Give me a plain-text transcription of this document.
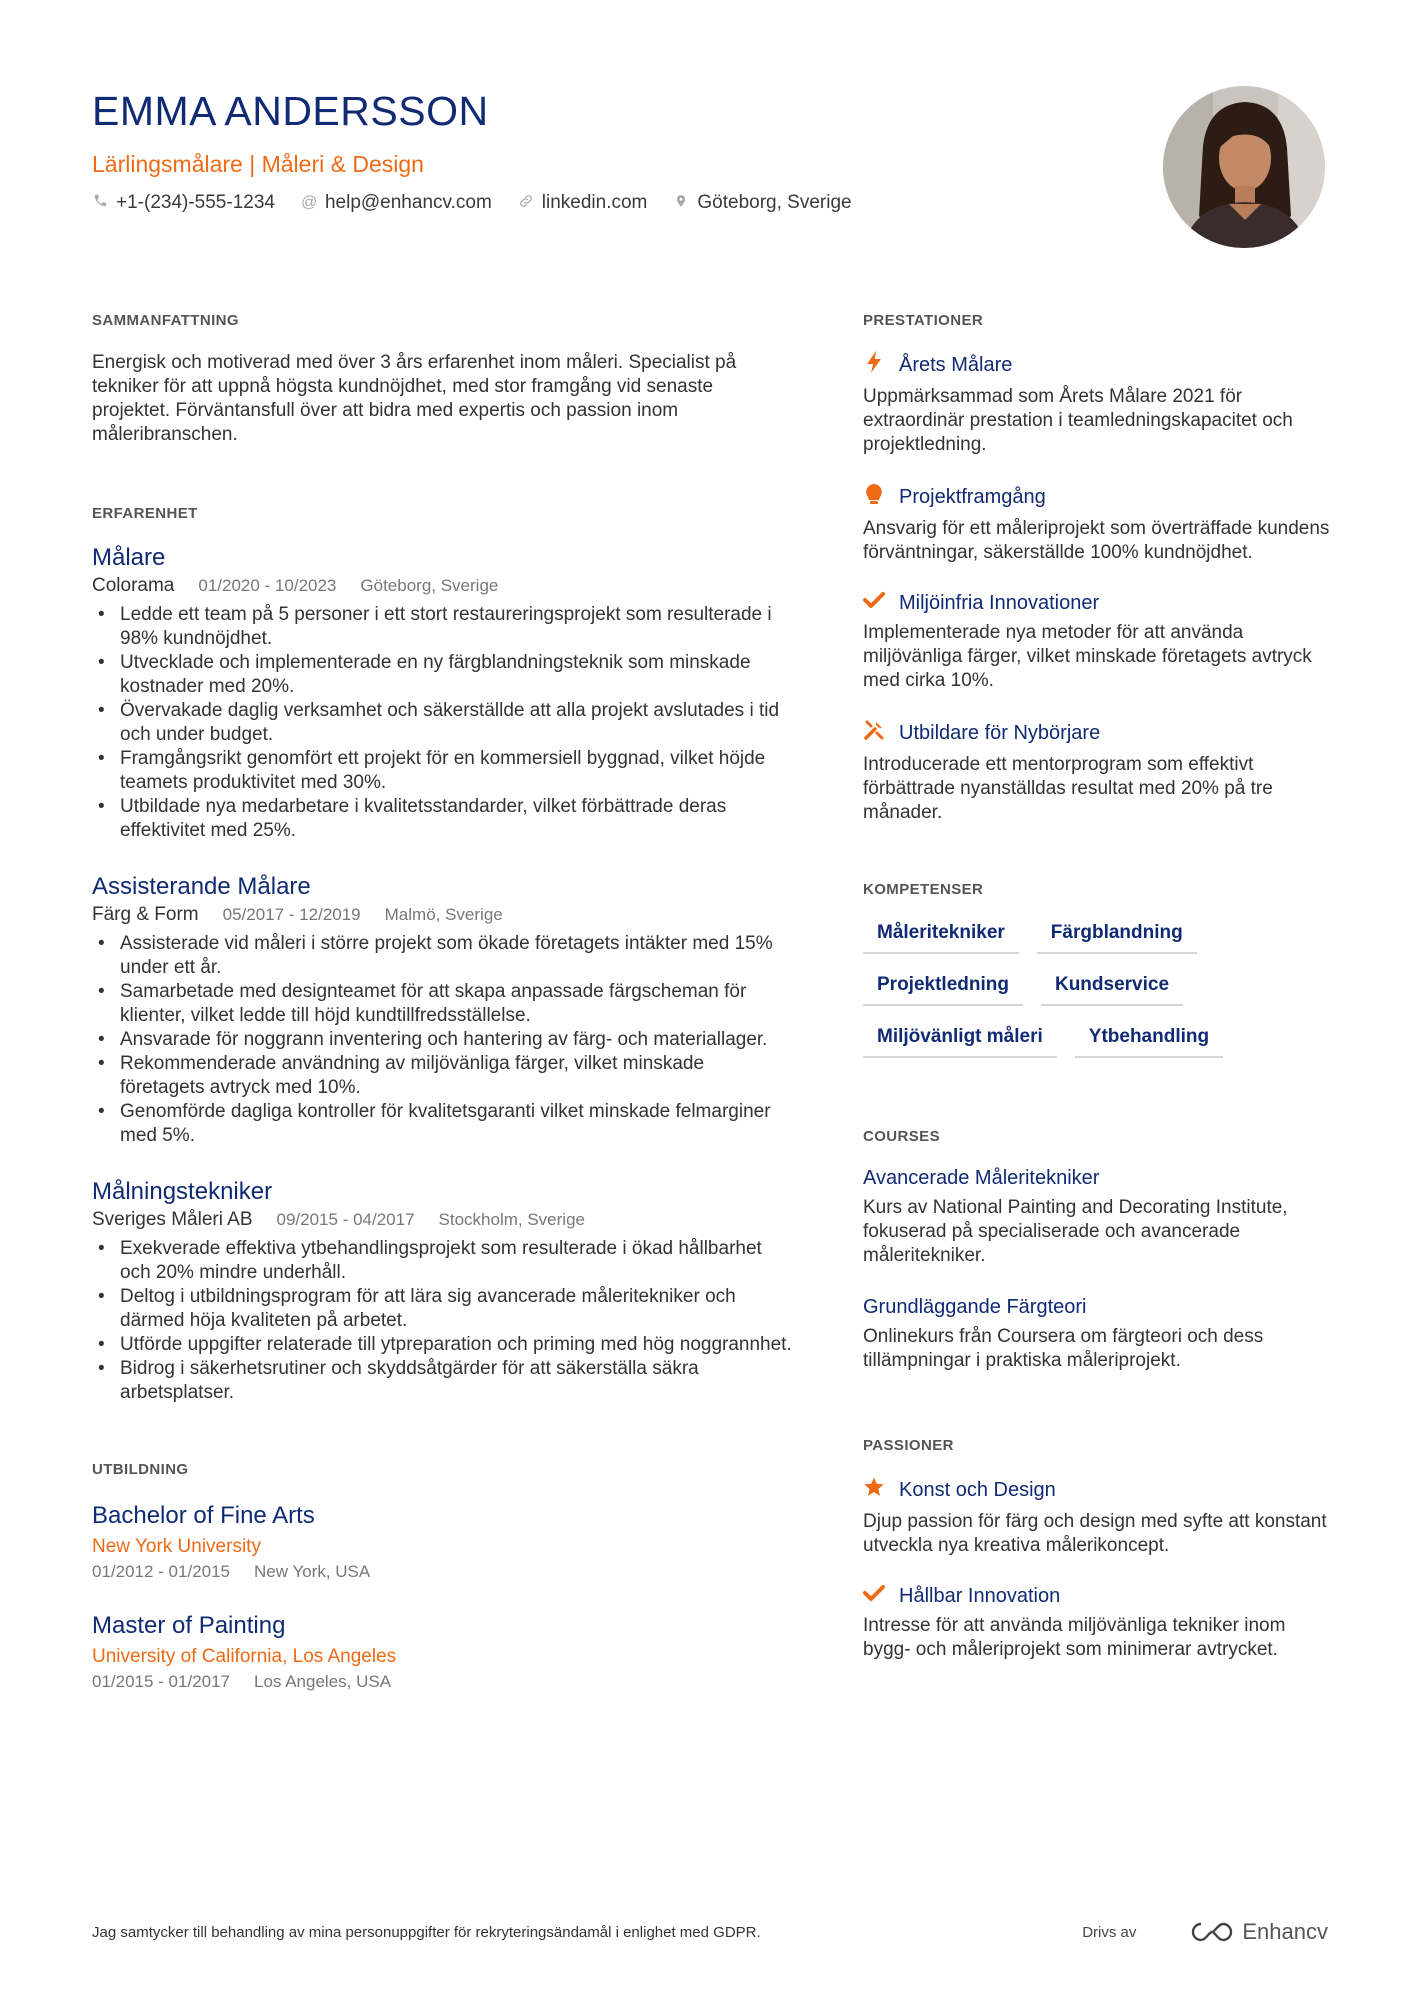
EMMA ANDERSSON
Lärlingsmålare | Måleri & Design
+1-(234)-555-1234 @ help@enhancv.com	linkedin.com	Göteborg, Sverige
SAMMANFATTNING

Energisk och motiverad med över 3 års erfarenhet inom måleri. Specialist på tekniker för att uppnå högsta kundnöjdhet, med stor framgång vid senaste projektet. Förväntansfull över att bidra med expertis och passion inom måleribranschen.

ERFARENHET
Målare
Colorama 01/2020 - 10/2023 Göteborg, Sverige
• Ledde ett team på 5 personer i ett stort restaureringsprojekt som resulterade i 98% kundnöjdhet.
• Utvecklade och implementerade en ny färgblandningsteknik som minskade kostnader med 20%.
• Övervakade daglig verksamhet och säkerställde att alla projekt avslutades i tid och under budget.
• Framgångsrikt genomfört ett projekt för en kommersiell byggnad, vilket höjde teamets produktivitet med 30%.
• Utbildade nya medarbetare i kvalitetsstandarder, vilket förbättrade deras effektivitet med 25%.
Assisterande Målare
Färg & Form 05/2017 - 12/2019 Malmö, Sverige
• Assisterade vid måleri i större projekt som ökade företagets intäkter med 15% under ett år.
• Samarbetade med designteamet för att skapa anpassade färgscheman för klienter, vilket ledde till höjd kundtillfredsställelse.
• Ansvarade för noggrann inventering och hantering av färg- och materiallager.
• Rekommenderade användning av miljövänliga färger, vilket minskade företagets avtryck med 10%.
• Genomförde dagliga kontroller för kvalitetsgaranti vilket minskade felmarginer med 5%.
Målningstekniker
Sveriges Måleri AB 09/2015 - 04/2017 Stockholm, Sverige
• Exekverade effektiva ytbehandlingsprojekt som resulterade i ökad hållbarhet och 20% mindre underhåll.
• Deltog i utbildningsprogram för att lära sig avancerade måleritekniker och därmed höja kvaliteten på arbetet.
• Utförde uppgifter relaterade till ytpreparation och priming med hög noggrannhet.
• Bidrog i säkerhetsrutiner och skyddsåtgärder för att säkerställa säkra arbetsplatser.
UTBILDNING
Bachelor of Fine Arts
New York University
01/2012 - 01/2015 New York, USA
Master of Painting
University of California, Los Angeles
01/2015 - 01/2017 Los Angeles, USA
PRESTATIONER
Årets Målare
Uppmärksammad som Årets Målare 2021 för extraordinär prestation i teamledningskapacitet och projektledning.
Projektframgång
Ansvarig för ett måleriprojekt som överträffade kundens förväntningar, säkerställde 100% kundnöjdhet.
Miljöinfria Innovationer
Implementerade nya metoder för att använda miljövänliga färger, vilket minskade företagets avtryck med cirka 10%.
Utbildare för Nybörjare
Introducerade ett mentorprogram som effektivt förbättrade nyanställdas resultat med 20% på tre månader.
KOMPETENSER
Måleritekniker	Färgblandning
Projektledning	Kundservice
Miljövänligt måleri	Ytbehandling
COURSES
Avancerade Måleritekniker
Kurs av National Painting and Decorating Institute, fokuserad på specialiserade och avancerade måleritekniker.
Grundläggande Färgteori
Onlinekurs från Coursera om färgteori och dess tillämpningar i praktiska måleriprojekt.
PASSIONER
Konst och Design
Djup passion för färg och design med syfte att konstant utveckla nya kreativa målerikoncept.
Hållbar Innovation
Intresse för att använda miljövänliga tekniker inom bygg- och måleriprojekt som minimerar avtrycket.
Jag samtycker till behandling av mina personuppgifter för rekryteringsändamål i enlighet med GDPR.	Drivs av	Enhancv
